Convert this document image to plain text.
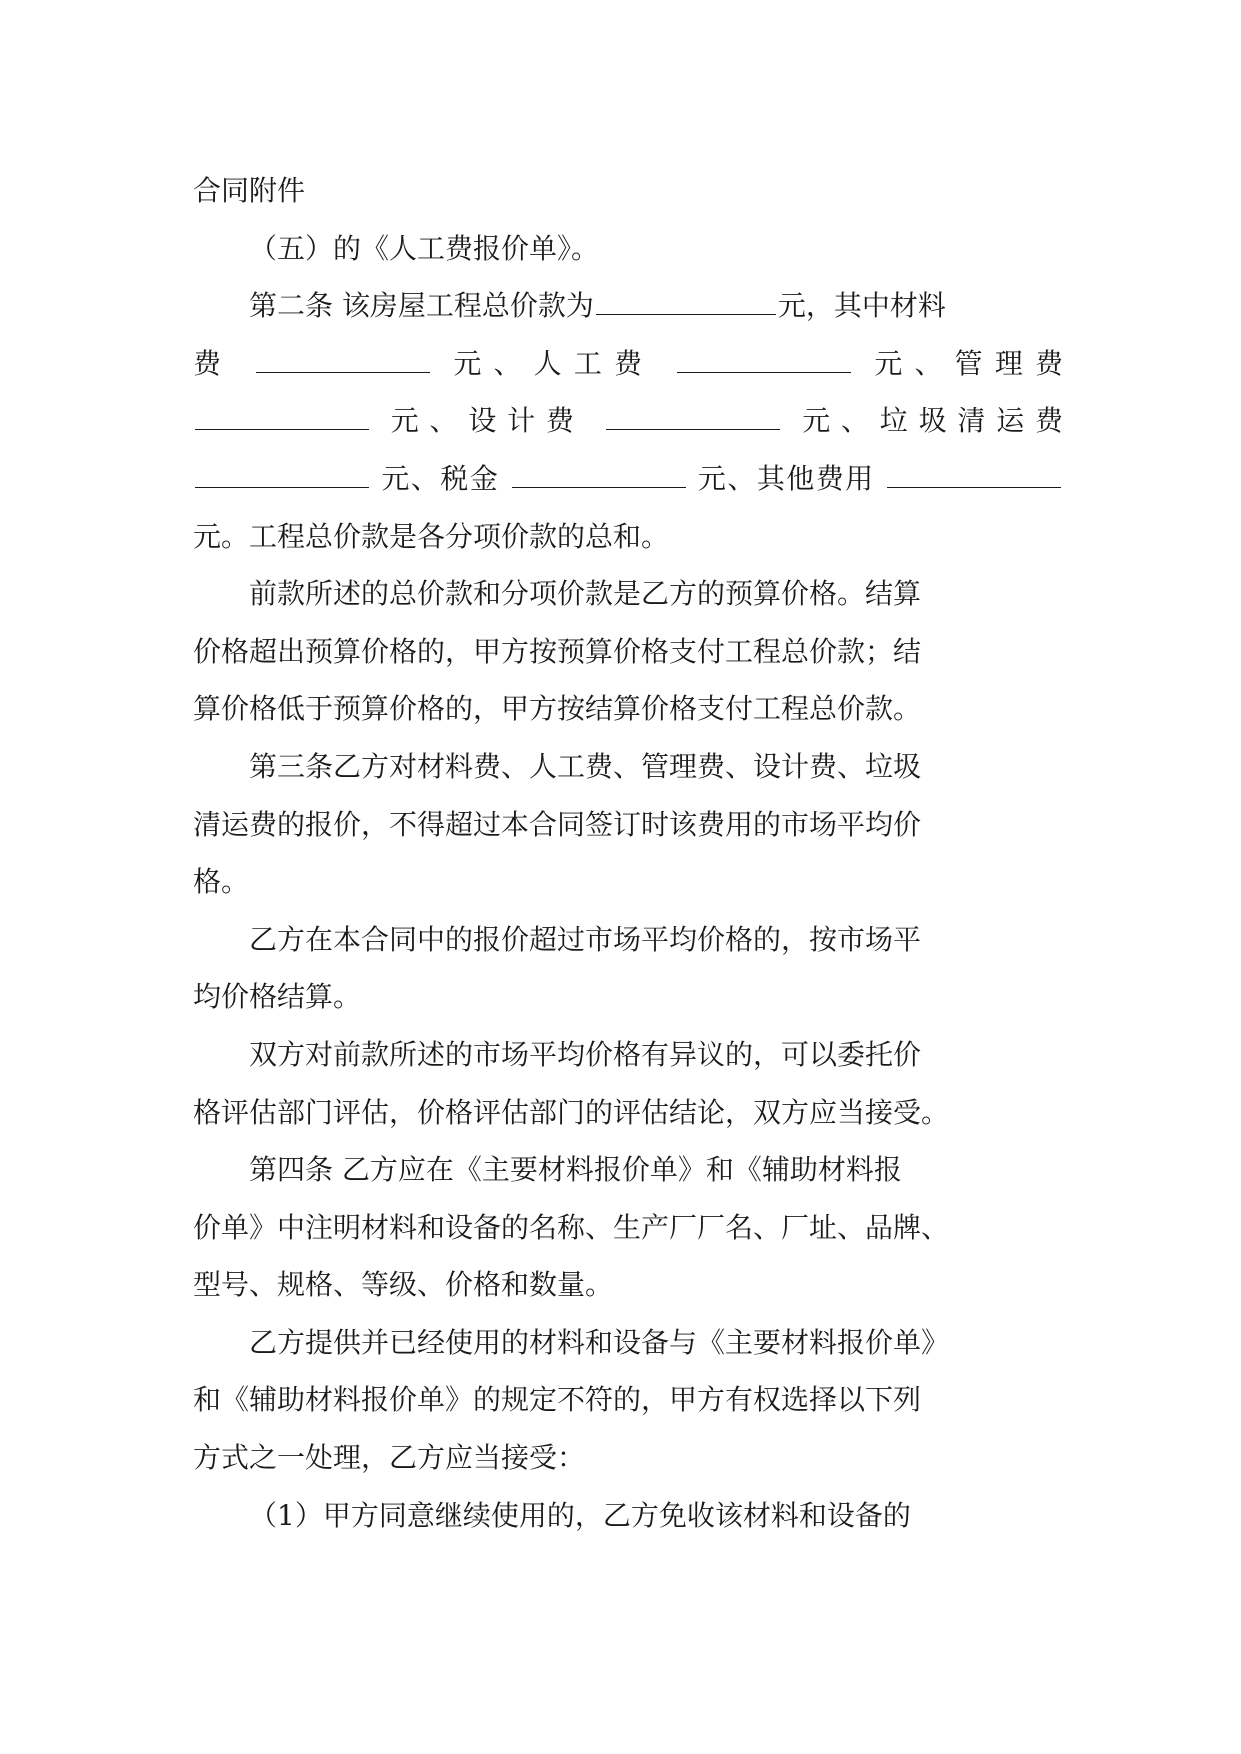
合同附件
（五）的《人工费报价单》。
第二条 该房屋工程总价款为	元，其中材料
费	元、人工费	元、管理费
元、设计费	元、垃圾清运费
元、税金	元、其他费用
元。工程总价款是各分项价款的总和。
前款所述的总价款和分项价款是乙方的预算价格。结算
价格超出预算价格的，甲方按预算价格支付工程总价款；结
算价格低于预算价格的，甲方按结算价格支付工程总价款。
第三条乙方对材料费、人工费、管理费、设计费、垃圾
清运费的报价，不得超过本合同签订时该费用的市场平均价
格。
乙方在本合同中的报价超过市场平均价格的，按市场平
均价格结算。
双方对前款所述的市场平均价格有异议的，可以委托价
格评估部门评估，价格评估部门的评估结论，双方应当接受。
第四条 乙方应在《主要材料报价单》和《辅助材料报
价单》中注明材料和设备的名称、生产厂厂名、厂址、品牌、
型号、规格、等级、价格和数量。
乙方提供并已经使用的材料和设备与《主要材料报价单》
和《辅助材料报价单》的规定不符的，甲方有权选择以下列
方式之一处理，乙方应当接受：
（1）甲方同意继续使用的，乙方免收该材料和设备的
